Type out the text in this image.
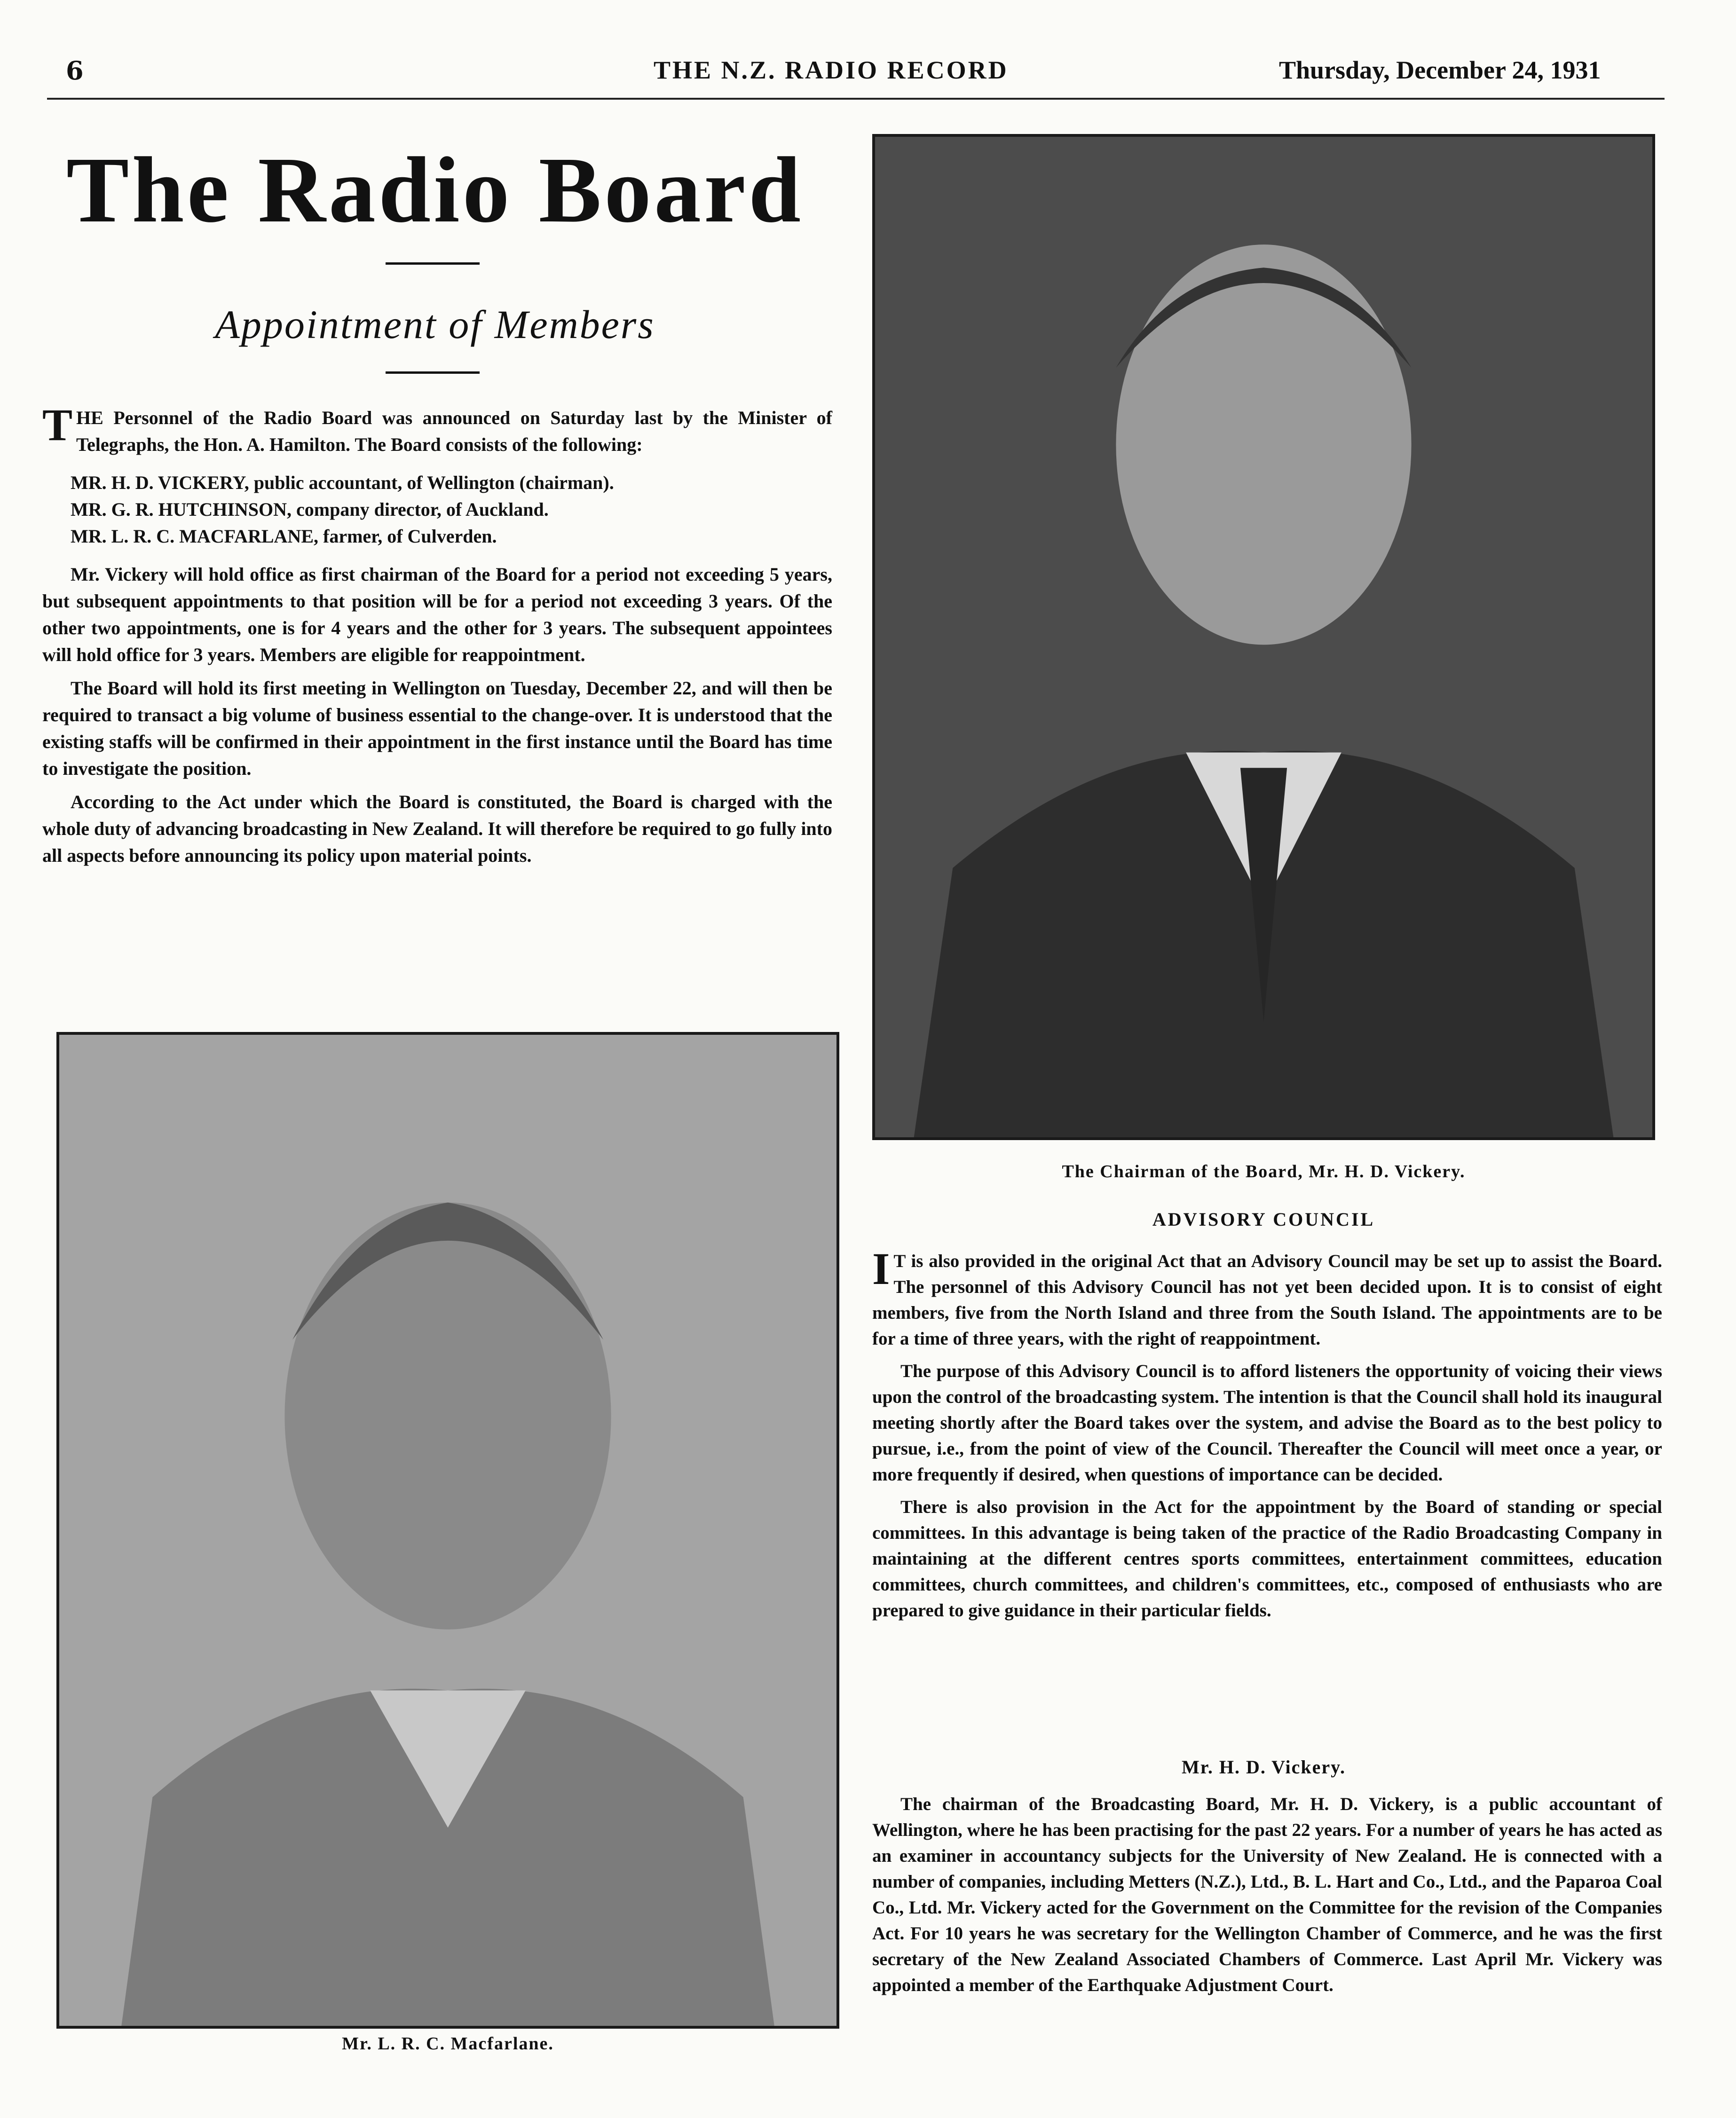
6	THE N.Z. RADIO RECORD	Thursday, December 24, 1931
The Radio Board
Appointment of Members

THE Personnel of the Radio Board was announced on Saturday last by the Minister of Telegraphs, the Hon. A. Hamilton. The Board consists of the following:

MR. H. D. VICKERY, public accountant, of Wellington (chairman).
MR. G. R. HUTCHINSON, company director, of Auckland.
MR. L. R. C. MACFARLANE, farmer, of Culverden.

Mr. Vickery will hold office as first chairman of the Board for a period not exceeding 5 years, but subsequent appointments to that position will be for a period not exceeding 3 years. Of the other two appointments, one is for 4 years and the other for 3 years. The subsequent appointees will hold office for 3 years. Members are eligible for reappointment.

The Board will hold its first meeting in Wellington on Tuesday, December 22, and will then be required to transact a big volume of business essential to the change-over. It is understood that the existing staffs will be confirmed in their appointment in the first instance until the Board has time to investigate the position.

According to the Act under which the Board is constituted, the Board is charged with the whole duty of advancing broadcasting in New Zealand. It will therefore be required to go fully into all aspects before announcing its policy upon material points.

The Chairman of the Board, Mr. H. D. Vickery.
Mr. L. R. C. Macfarlane.
ADVISORY COUNCIL

IT is also provided in the original Act that an Advisory Council may be set up to assist the Board. The personnel of this Advisory Council has not yet been decided upon. It is to consist of eight members, five from the North Island and three from the South Island. The appointments are to be for a time of three years, with the right of reappointment.

The purpose of this Advisory Council is to afford listeners the opportunity of voicing their views upon the control of the broadcasting system. The intention is that the Council shall hold its inaugural meeting shortly after the Board takes over the system, and advise the Board as to the best policy to pursue, i.e., from the point of view of the Council. Thereafter the Council will meet once a year, or more frequently if desired, when questions of importance can be decided.

There is also provision in the Act for the appointment by the Board of standing or special committees. In this advantage is being taken of the practice of the Radio Broadcasting Company in maintaining at the different centres sports committees, entertainment committees, education committees, church committees, and children's committees, etc., composed of enthusiasts who are prepared to give guidance in their particular fields.

Mr. H. D. Vickery.

The chairman of the Broadcasting Board, Mr. H. D. Vickery, is a public accountant of Wellington, where he has been practising for the past 22 years. For a number of years he has acted as an examiner in accountancy subjects for the University of New Zealand. He is connected with a number of companies, including Metters (N.Z.), Ltd., B. L. Hart and Co., Ltd., and the Paparoa Coal Co., Ltd. Mr. Vickery acted for the Government on the Committee for the revision of the Companies Act. For 10 years he was secretary for the Wellington Chamber of Commerce, and he was the first secretary of the New Zealand Associated Chambers of Commerce. Last April Mr. Vickery was appointed a member of the Earthquake Adjustment Court.
